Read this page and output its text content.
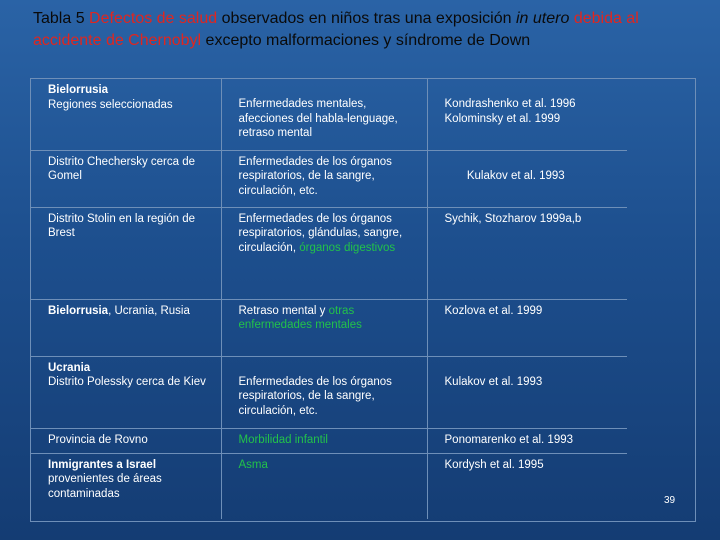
Tabla 5 Defectos de salud observados en niños tras una exposición in utero debida al accidente de Chernobyl excepto malformaciones y síndrome de Down
Bielorrusia
Regiones seleccionadas	Enfermedades mentales, afecciones del habla-lenguage, retraso mental	Kondrashenko et al. 1996 Kolominsky et al. 1999
Distrito Chechersky cerca de Gomel	Enfermedades de los órganos respiratorios, de la sangre, circulación, etc.	Kulakov et al. 1993

Distrito Stolin en la región de Brest	Enfermedades de los órganos respiratorios, glándulas, sangre, circulación, órganos digestivos	Sychik, Stozharov 1999a,b
Bielorrusia, Ucrania, Rusia	Retraso mental y otras enfermedades mentales	Kozlova et al. 1999

Ucrania
Distrito Polessky cerca de Kiev	Enfermedades de los órganos respiratorios, de la sangre, circulación, etc.	Kulakov et al. 1993
Provincia de Rovno	Morbilidad infantil	Ponomarenko et al. 1993

Inmigrantes a Israel
provenientes de áreas contaminadas	Asma	Kordysh et al. 1995
39
